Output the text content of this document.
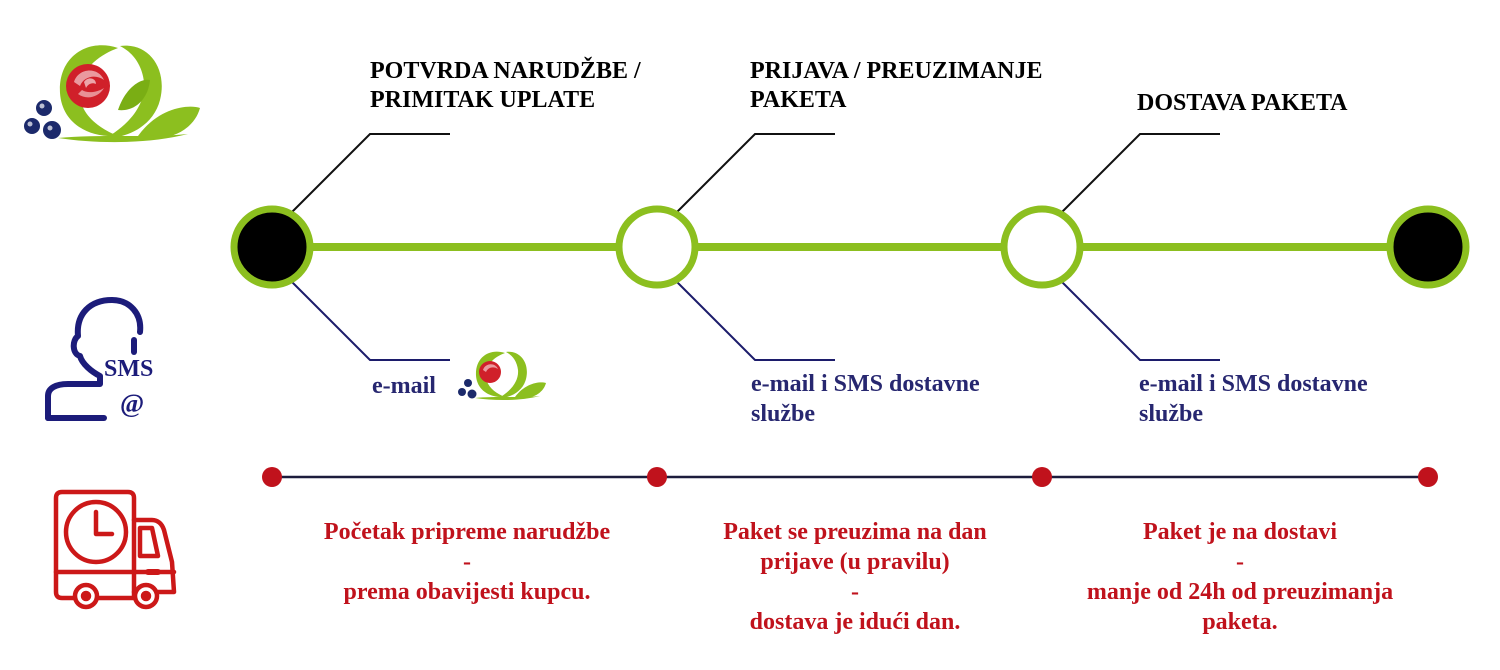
SMS
@
POTVRDA NARUDŽBE /
PRIMITAK UPLATE
PRIJAVA / PREUZIMANJE
PAKETA	DOSTAVA PAKETA
e-mail	e-mail i SMS dostavne
službe
e-mail i SMS dostavne
službe
Početak pripreme narudžbe
-
prema obavijesti kupcu.
Paket se preuzima na dan
prijave (u pravilu)
-
dostava je idući dan.
Paket je na dostavi
-
manje od 24h od preuzimanja
paketa.
